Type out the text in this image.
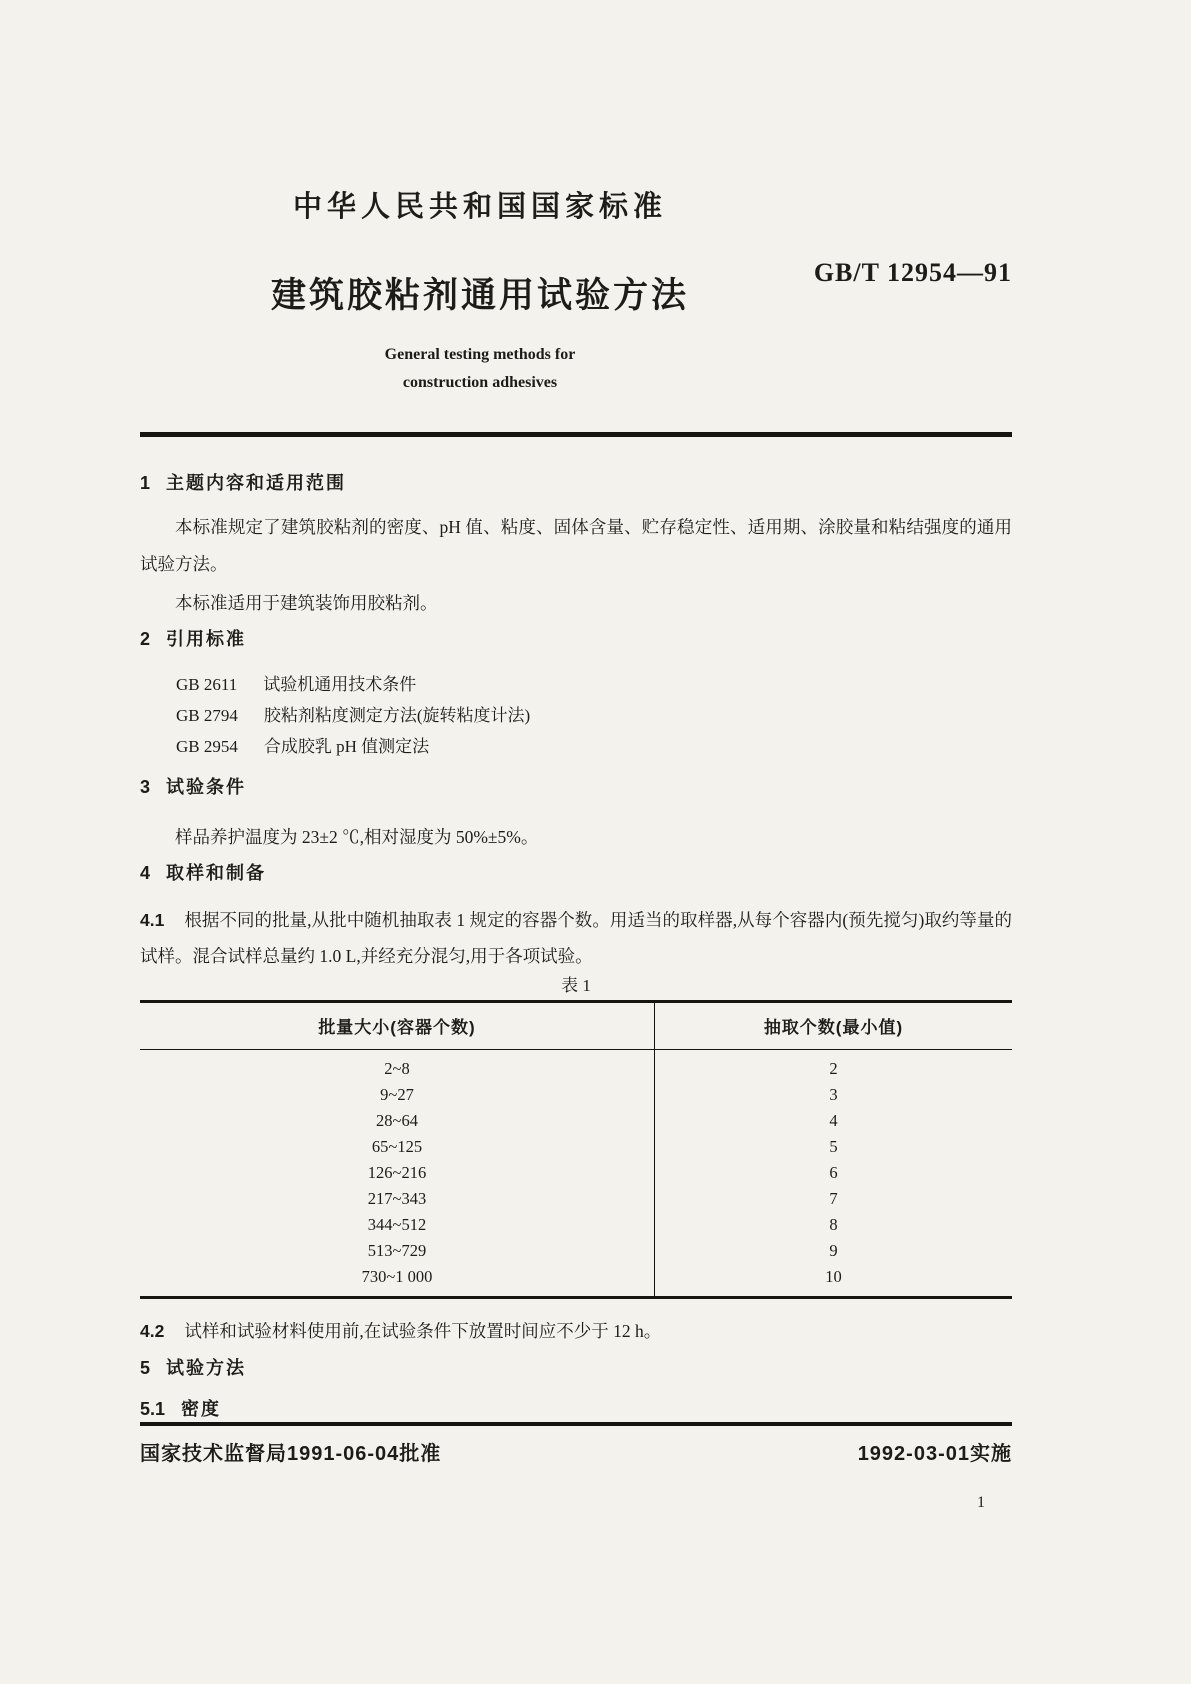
中华人民共和国国家标准
GB/T 12954—91
建筑胶粘剂通用试验方法
General testing methods for
construction adhesives
1 主题内容和适用范围

本标准规定了建筑胶粘剂的密度、pH 值、粘度、固体含量、贮存稳定性、适用期、涂胶量和粘结强度的通用试验方法。

本标准适用于建筑装饰用胶粘剂。

2 引用标准
GB 2611 试验机通用技术条件
GB 2794 胶粘剂粘度测定方法(旋转粘度计法)
GB 2954 合成胶乳 pH 值测定法
3 试验条件

样品养护温度为 23±2 ℃,相对湿度为 50%±5%。

4 取样和制备

4.1 根据不同的批量,从批中随机抽取表 1 规定的容器个数。用适当的取样器,从每个容器内(预先搅匀)取约等量的试样。混合试样总量约 1.0 L,并经充分混匀,用于各项试验。

表 1

批量大小(容器个数)	抽取个数(最小值)
2~8	2
9~27	3
28~64	4
65~125	5
126~216	6
217~343	7
344~512	8
513~729	9
730~1 000	10

4.2 试样和试验材料使用前,在试验条件下放置时间应不少于 12 h。

5 试验方法
5.1 密度
国家技术监督局1991-06-04批准	1992-03-01实施
1
